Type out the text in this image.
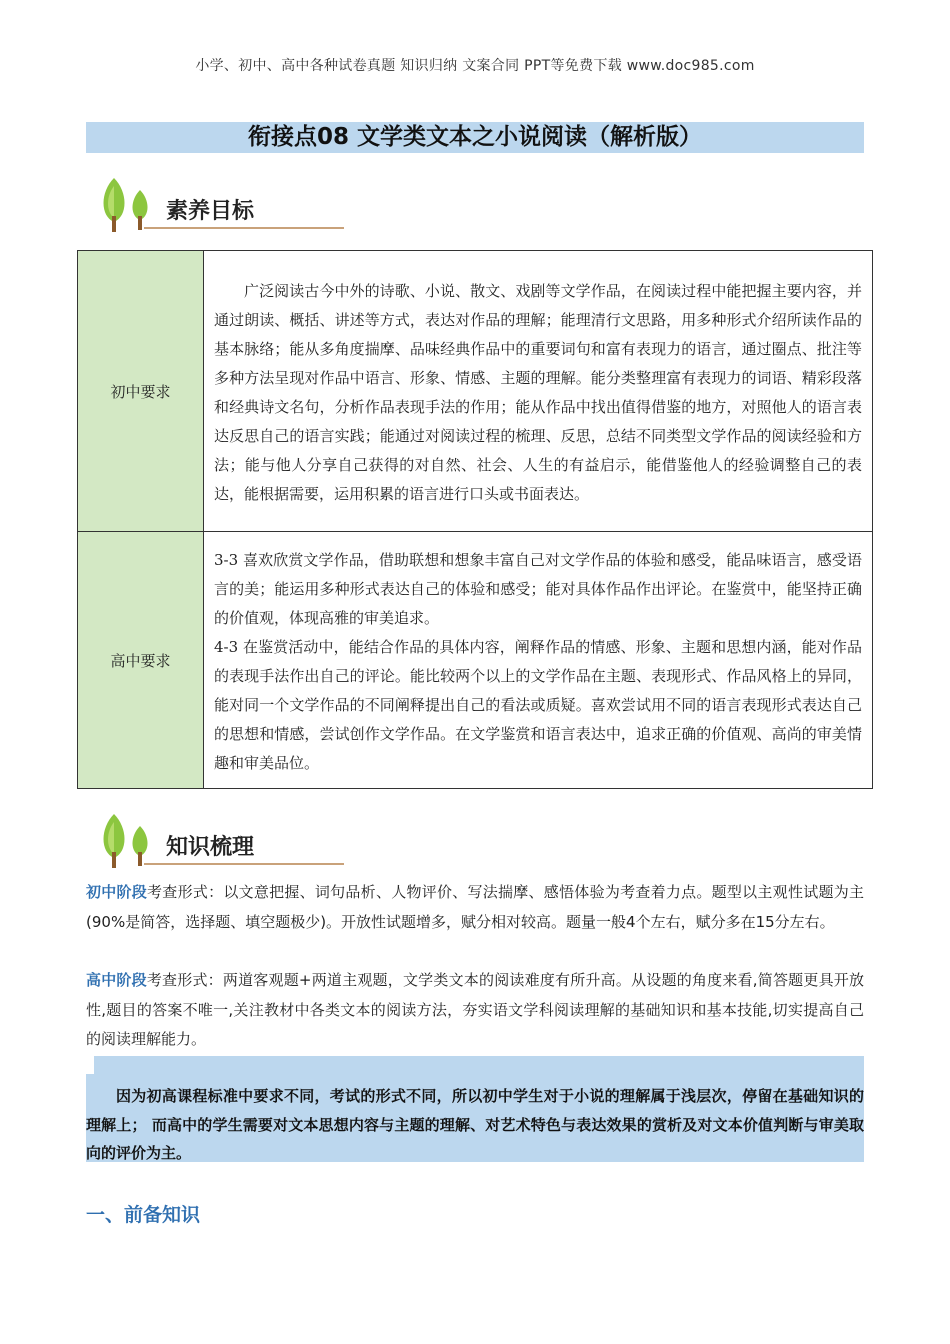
小学、初中、高中各种试卷真题 知识归纳 文案合同 PPT等免费下载 www.doc985.com
衔接点08 文学类文本之小说阅读（解析版）
素养目标
初中要求	广泛阅读古今中外的诗歌、小说、散文、戏剧等文学作品，在阅读过程中能把握主要内容，并通过朗读、概括、讲述等方式，表达对作品的理解；能理清行文思路，用多种形式介绍所读作品的基本脉络；能从多角度揣摩、品味经典作品中的重要词句和富有表现力的语言，通过圈点、批注等多种方法呈现对作品中语言、形象、情感、主题的理解。能分类整理富有表现力的词语、精彩段落和经典诗文名句，分析作品表现手法的作用；能从作品中找出值得借鉴的地方，对照他人的语言表达反思自己的语言实践；能通过对阅读过程的梳理、反思，总结不同类型文学作品的阅读经验和方法；能与他人分享自己获得的对自然、社会、人生的有益启示，能借鉴他人的经验调整自己的表达，能根据需要，运用积累的语言进行口头或书面表达。

高中要求	3-3 喜欢欣赏文学作品，借助联想和想象丰富自己对文学作品的体验和感受，能品味语言，感受语言的美；能运用多种形式表达自己的体验和感受；能对具体作品作出评论。在鉴赏中，能坚持正确的价值观，体现高雅的审美追求。
4-3 在鉴赏活动中，能结合作品的具体内容，阐释作品的情感、形象、主题和思想内涵，能对作品的表现手法作出自己的评论。能比较两个以上的文学作品在主题、表现形式、作品风格上的异同，能对同一个文学作品的不同阐释提出自己的看法或质疑。喜欢尝试用不同的语言表现形式表达自己的思想和情感，尝试创作文学作品。在文学鉴赏和语言表达中，追求正确的价值观、高尚的审美情趣和审美品位。
知识梳理
初中阶段考查形式：以文意把握、词句品析、人物评价、写法揣摩、感悟体验为考查着力点。题型以主观性试题为主(90%是简答，选择题、填空题极少)。开放性试题增多，赋分相对较高。题量一般4个左右，赋分多在15分左右。
高中阶段考查形式：两道客观题+两道主观题，文学类文本的阅读难度有所升高。从设题的角度来看,简答题更具开放性,题目的答案不唯一,关注教材中各类文本的阅读方法，夯实语文学科阅读理解的基础知识和基本技能,切实提高自己的阅读理解能力。
因为初高课程标准中要求不同，考试的形式不同，所以初中学生对于小说的理解属于浅层次，停留在基础知识的理解上； 而高中的学生需要对文本思想内容与主题的理解、对艺术特色与表达效果的赏析及对文本价值判断与审美取向的评价为主。
一、前备知识
